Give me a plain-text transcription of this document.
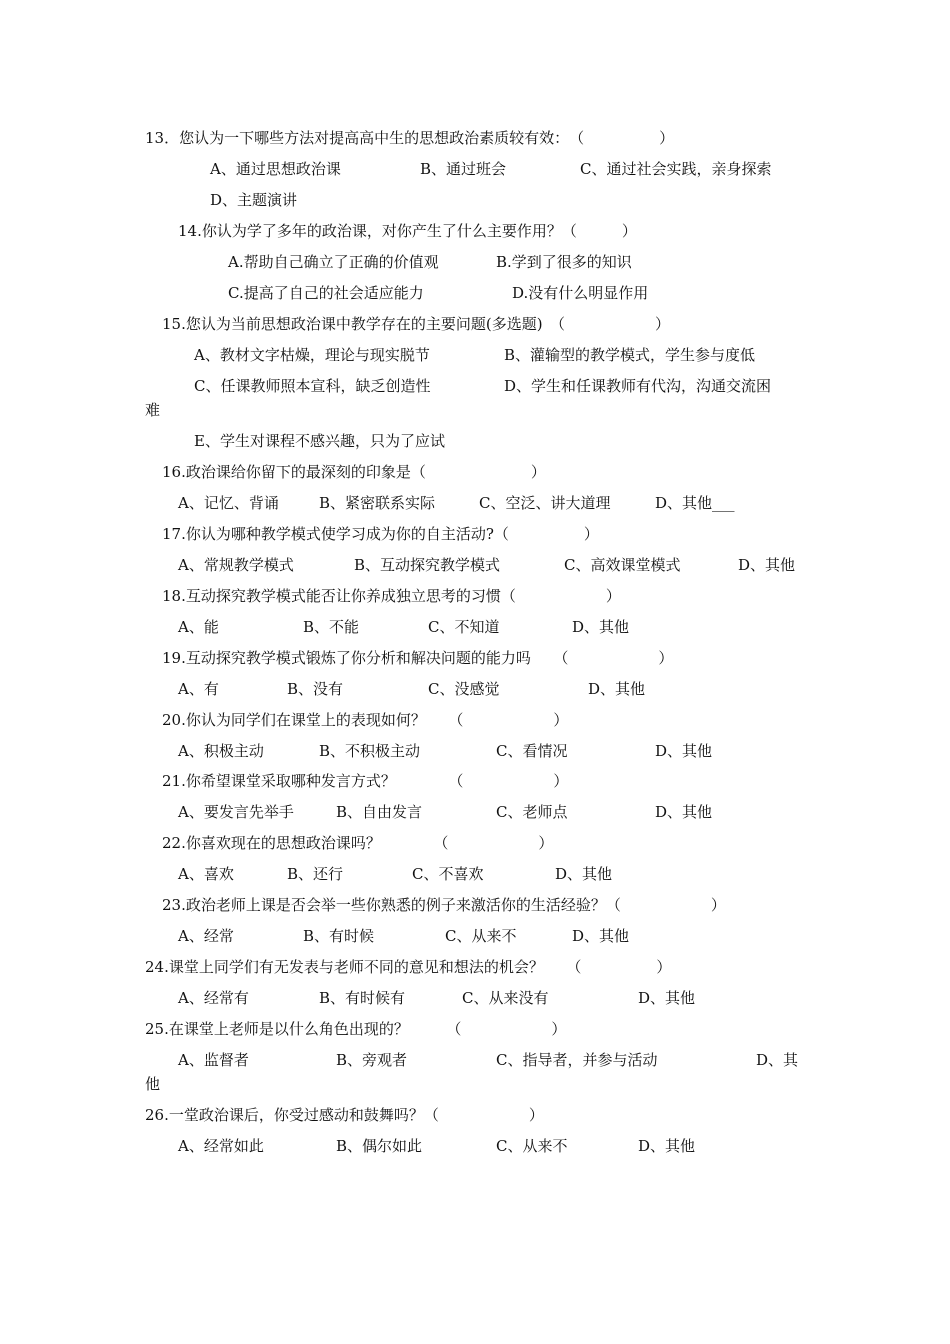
13．您认为一下哪些方法对提高高中生的思想政治素质较有效：　（　　　　　）
A、通过思想政治课	B、通过班会	C、通过社会实践，亲身探索
D、主题演讲
14.你认为学了多年的政治课，对你产生了什么主要作用？（　　　）
A.帮助自己确立了正确的价值观	B.学到了很多的知识
C.提高了自己的社会适应能力	D.没有什么明显作用
15.您认为当前思想政治课中教学存在的主要问题(多选题)　（　　　　　　）
A、教材文字枯燥，理论与现实脱节	B、灌输型的教学模式，学生参与度低
C、任课教师照本宣科，缺乏创造性	D、学生和任课教师有代沟，沟通交流困
难
E、学生对课程不感兴趣，只为了应试
16.政治课给你留下的最深刻的印象是（　　　　　　　）
A、记忆、背诵	B、紧密联系实际	C、空泛、讲大道理	D、其他___
17.你认为哪种教学模式使学习成为你的自主活动?（　　　　　）
A、常规教学模式	B、互动探究教学模式	C、高效课堂模式	D、其他
18.互动探究教学模式能否让你养成独立思考的习惯（　　　　　　）
A、能	B、不能	C、不知道	D、其他
19.互动探究教学模式锻炼了你分析和解决问题的能力吗　　（　　　　　　）
A、有	B、没有	C、没感觉	D、其他
20.你认为同学们在课堂上的表现如何？　　（　　　　　　）
A、积极主动	B、不积极主动	C、看情况	D、其他
21.你希望课堂采取哪种发言方式？　　　　（　　　　　　）
A、要发言先举手	B、自由发言	C、老师点	D、其他
22.你喜欢现在的思想政治课吗？　　　　（　　　　　　）
A、喜欢	B、还行	C、不喜欢	D、其他
23.政治老师上课是否会举一些你熟悉的例子来激活你的生活经验？（　　　　　　）
A、经常	B、有时候	C、从来不	D、其他
24.课堂上同学们有无发表与老师不同的意见和想法的机会？　　（　　　　　）
A、经常有	B、有时候有	C、从来没有	D、其他
25.在课堂上老师是以什么角色出现的？　　　（　　　　　　）
A、监督者	B、旁观者	C、指导者，并参与活动	D、其
他
26.一堂政治课后，你受过感动和鼓舞吗？（　　　　　　）
A、经常如此	B、偶尔如此	C、从来不	D、其他
